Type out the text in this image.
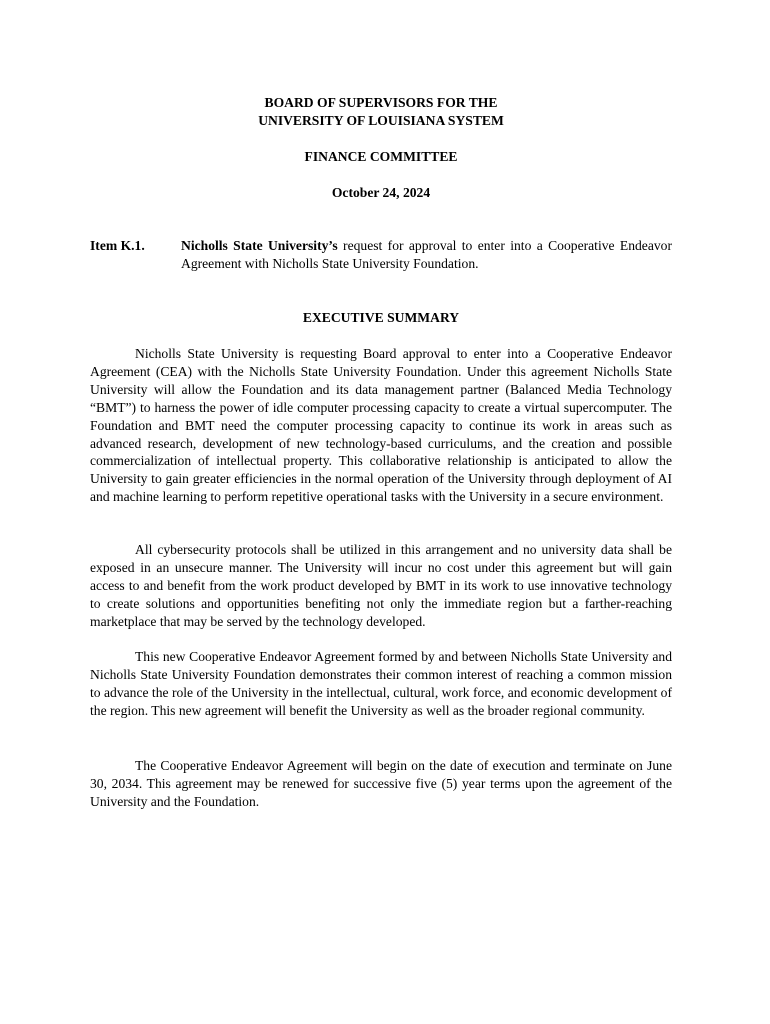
BOARD OF SUPERVISORS FOR THE
UNIVERSITY OF LOUISIANA SYSTEM
FINANCE COMMITTEE
October 24, 2024
Item K.1.	Nicholls State University’s request for approval to enter into a Cooperative Endeavor Agreement with Nicholls State University Foundation.
EXECUTIVE SUMMARY

Nicholls State University is requesting Board approval to enter into a Cooperative Endeavor Agreement (CEA) with the Nicholls State University Foundation. Under this agreement Nicholls State University will allow the Foundation and its data management partner (Balanced Media Technology “BMT”) to harness the power of idle computer processing capacity to create a virtual supercomputer. The Foundation and BMT need the computer processing capacity to continue its work in areas such as advanced research, development of new technology-based curriculums, and the creation and possible commercialization of intellectual property. This collaborative relationship is anticipated to allow the University to gain greater efficiencies in the normal operation of the University through deployment of AI and machine learning to perform repetitive operational tasks with the University in a secure environment.

All cybersecurity protocols shall be utilized in this arrangement and no university data shall be exposed in an unsecure manner. The University will incur no cost under this agreement but will gain access to and benefit from the work product developed by BMT in its work to use innovative technology to create solutions and opportunities benefiting not only the immediate region but a farther-reaching marketplace that may be served by the technology developed.

This new Cooperative Endeavor Agreement formed by and between Nicholls State University and Nicholls State University Foundation demonstrates their common interest of reaching a common mission to advance the role of the University in the intellectual, cultural, work force, and economic development of the region. This new agreement will benefit the University as well as the broader regional community.

The Cooperative Endeavor Agreement will begin on the date of execution and terminate on June 30, 2034. This agreement may be renewed for successive five (5) year terms upon the agreement of the University and the Foundation.
